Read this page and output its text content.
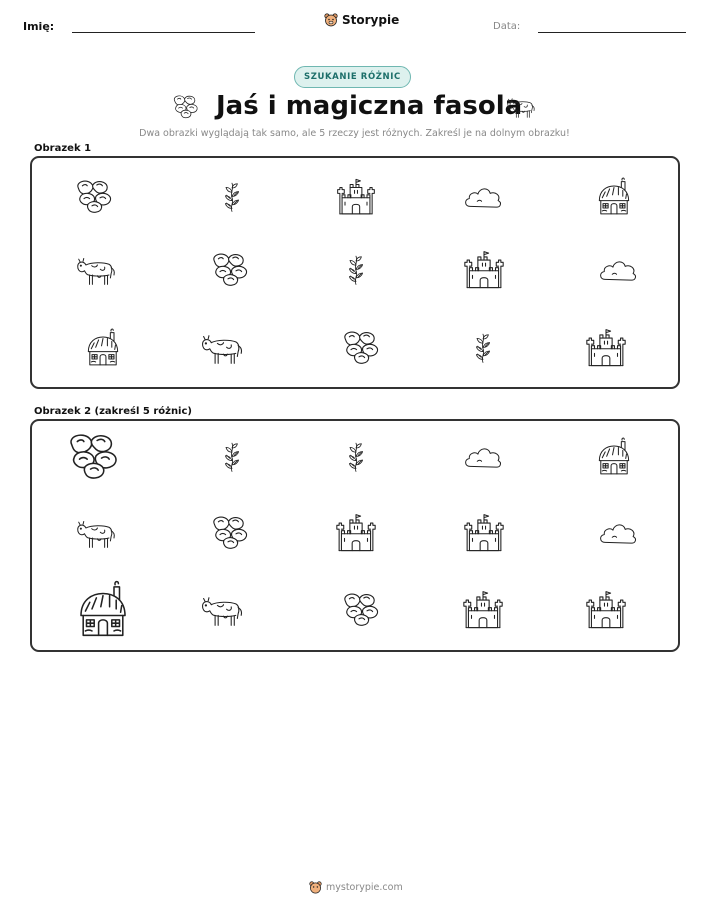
Imię:	Storypie	Data:
SZUKANIE RÓŻNIC
Jaś i magiczna fasola
Dwa obrazki wyglądają tak samo, ale 5 rzeczy jest różnych. Zakreśl je na dolnym obrazku!
Obrazek 1
Obrazek 2 (zakreśl 5 różnic)
mystorypie.com
